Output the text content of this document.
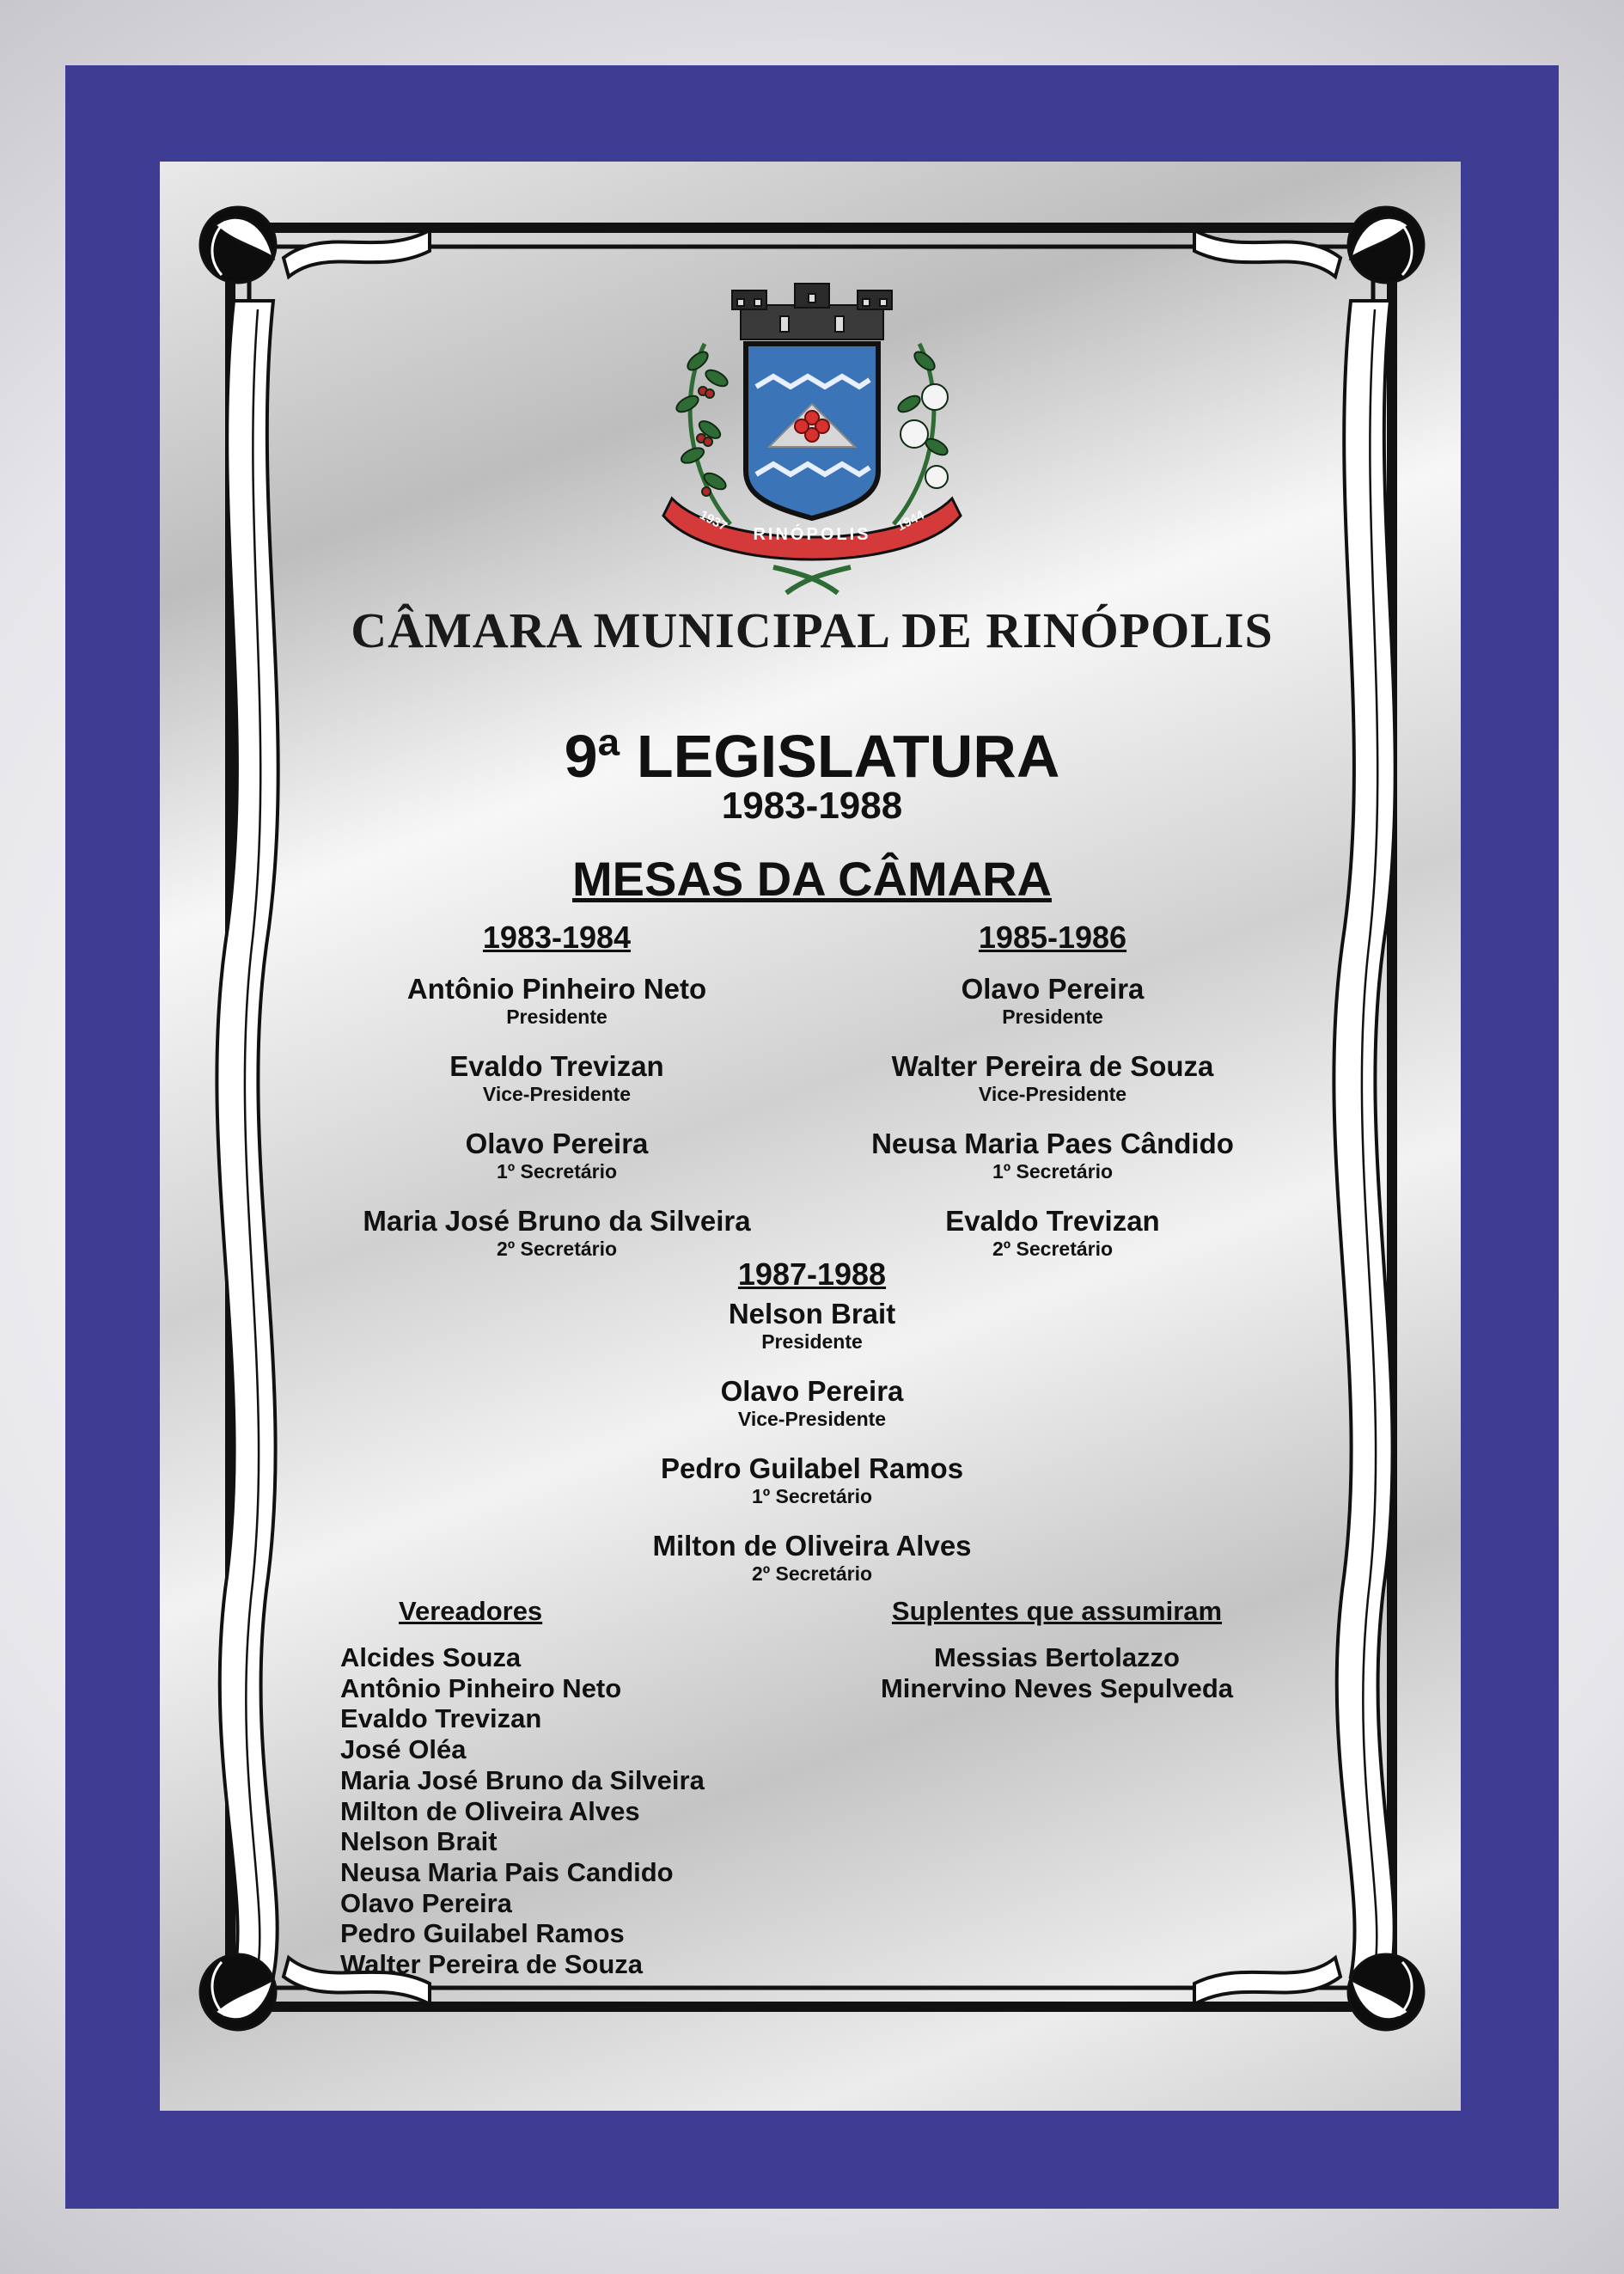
RINÓPOLIS
1937	1944
CÂMARA MUNICIPAL DE RINÓPOLIS
9ª LEGISLATURA
1983-1988
MESAS DA CÂMARA
1983-1984
Antônio Pinheiro Neto
Presidente
Evaldo Trevizan
Vice-Presidente
Olavo Pereira
1º Secretário
Maria José Bruno da Silveira
2º Secretário
1985-1986
Olavo Pereira
Presidente
Walter Pereira de Souza
Vice-Presidente
Neusa Maria Paes Cândido
1º Secretário
Evaldo Trevizan
2º Secretário
1987-1988
Nelson Brait
Presidente
Olavo Pereira
Vice-Presidente
Pedro Guilabel Ramos
1º Secretário
Milton de Oliveira Alves
2º Secretário
Vereadores
Alcides Souza
Antônio Pinheiro Neto
Evaldo Trevizan
José Oléa
Maria José Bruno da Silveira
Milton de Oliveira Alves
Nelson Brait
Neusa Maria Pais Candido
Olavo Pereira
Pedro Guilabel Ramos
Walter Pereira de Souza
Suplentes que assumiram
Messias Bertolazzo
Minervino Neves Sepulveda
